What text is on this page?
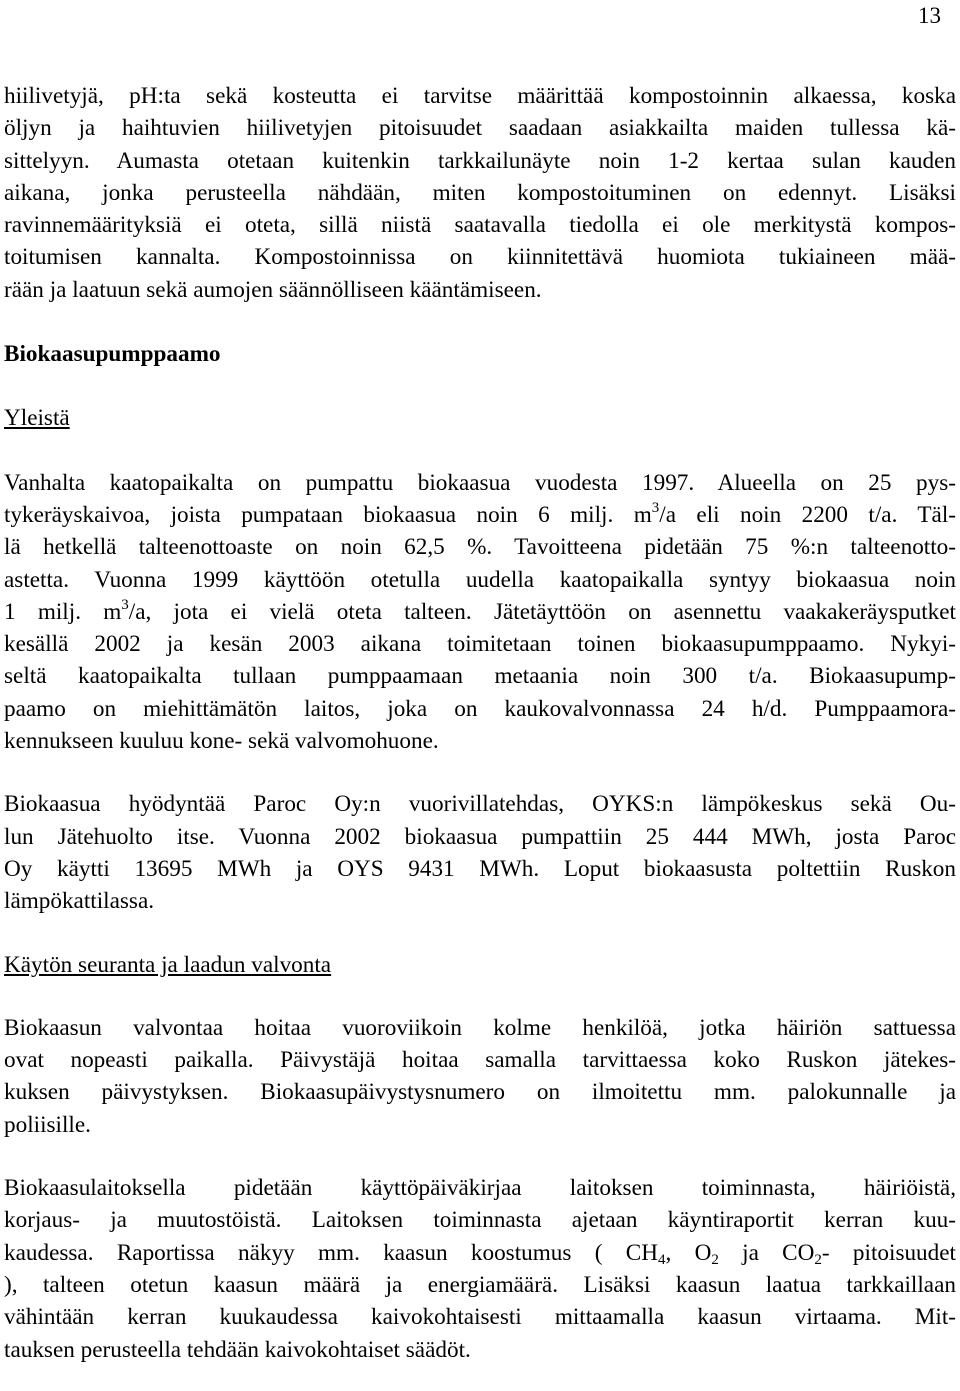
13
hiilivetyjä, pH:ta sekä kosteutta ei tarvitse määrittää kompostoinnin alkaessa, koska
öljyn ja haihtuvien hiilivetyjen pitoisuudet saadaan asiakkailta maiden tullessa kä-
sittelyyn. Aumasta otetaan kuitenkin tarkkailunäyte noin 1-2 kertaa sulan kauden
aikana, jonka perusteella nähdään, miten kompostoituminen on edennyt. Lisäksi
ravinnemäärityksiä ei oteta, sillä niistä saatavalla tiedolla ei ole merkitystä kompos-
toitumisen kannalta. Kompostoinnissa on kiinnitettävä huomiota tukiaineen mää-
rään ja laatuun sekä aumojen säännölliseen kääntämiseen.
Biokaasupumppaamo
Yleistä
Vanhalta kaatopaikalta on pumpattu biokaasua vuodesta 1997. Alueella on 25 pys-
tykeräyskaivoa, joista pumpataan biokaasua noin 6 milj. $m^3/a$ eli noin 2200 t/a. Täl-
lä hetkellä talteenottoaste on noin 62,5 %. Tavoitteena pidetään 75 %:n talteenotto-
astetta. Vuonna 1999 käyttöön otetulla uudella kaatopaikalla syntyy biokaasua noin
1 milj. $m^3/a$, jota ei vielä oteta talteen. Jätetäyttöön on asennettu vaakakeräysputket
kesällä 2002 ja kesän 2003 aikana toimitetaan toinen biokaasupumppaamo. Nykyi-
seltä kaatopaikalta tullaan pumppaamaan metaania noin 300 t/a. Biokaasupump-
paamo on miehittämätön laitos, joka on kaukovalvonnassa 24 h/d. Pumppaamora-
kennukseen kuuluu kone- sekä valvomohuone.
Biokaasua hyödyntää Paroc Oy:n vuorivillatehdas, OYKS:n lämpökeskus sekä Ou-
lun Jätehuolto itse. Vuonna 2002 biokaasua pumpattiin 25 444 MWh, josta Paroc
Oy käytti 13695 MWh ja OYS 9431 MWh. Loput biokaasusta poltettiin Ruskon
lämpökattilassa.
Käytön seuranta ja laadun valvonta
Biokaasun valvontaa hoitaa vuoroviikoin kolme henkilöä, jotka häiriön sattuessa
ovat nopeasti paikalla. Päivystäjä hoitaa samalla tarvittaessa koko Ruskon jätekes-
kuksen päivystyksen. Biokaasupäivystysnumero on ilmoitettu mm. palokunnalle ja
poliisille.
Biokaasulaitoksella pidetään käyttöpäiväkirjaa laitoksen toiminnasta, häiriöistä,
korjaus- ja muutostöistä. Laitoksen toiminnasta ajetaan käyntiraportit kerran kuu-
kaudessa. Raportissa näkyy mm. kaasun koostumus ( $CH_4$, $O_2$ ja $CO_2-$ pitoisuudet
), talteen otetun kaasun määrä ja energiamäärä. Lisäksi kaasun laatua tarkkaillaan
vähintään kerran kuukaudessa kaivokohtaisesti mittaamalla kaasun virtaama. Mit-
tauksen perusteella tehdään kaivokohtaiset säädöt.
